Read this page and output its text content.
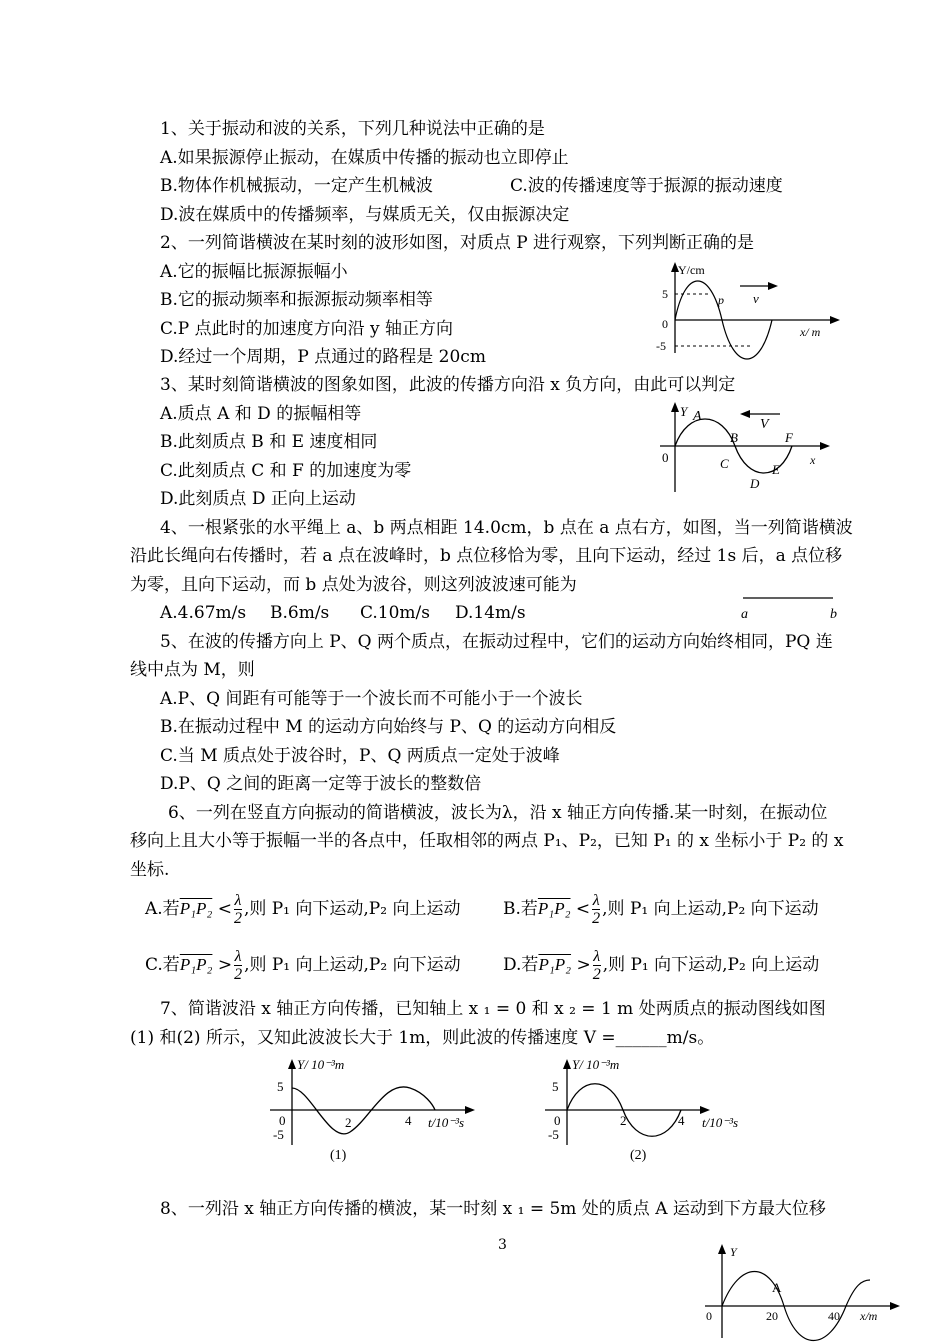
1、关于振动和波的关系，下列几种说法中正确的是
A.如果振源停止振动，在媒质中传播的振动也立即停止
B.物体作机械振动，一定产生机械波	C.波的传播速度等于振源的振动速度
D.波在媒质中的传播频率，与媒质无关，仅由振源决定
2、一列简谐横波在某时刻的波形如图，对质点 P 进行观察，下列判断正确的是
A.它的振幅比振源振幅小
B.它的振动频率和振源振动频率相等
C.P 点此时的加速度方向沿 y 轴正方向
D.经过一个周期，P 点通过的路程是 20cm
Y/cm
5
-5
0
p v
x/ m
3、某时刻简谐横波的图象如图，此波的传播方向沿 x 负方向，由此可以判定
A.质点 A 和 D 的振幅相等
B.此刻质点 B 和 E 速度相同
C.此刻质点 C 和 F 的加速度为零
D.此刻质点 D 正向上运动
Y A
V
B	F
0	C	E
D
x
4、一根紧张的水平绳上 a、b 两点相距 14.0cm，b 点在 a 点右方，如图，当一列简谐横波
沿此长绳向右传播时，若 a 点在波峰时，b 点位移恰为零，且向下运动，经过 1s 后，a 点位移
为零，且向下运动，而 b 点处为波谷，则这列波波速可能为
A.4.67m/s B.6m/s C.10m/s D.14m/s	a	b
5、在波的传播方向上 P、Q 两个质点，在振动过程中，它们的运动方向始终相同，PQ 连
线中点为 M，则
A.P、Q 间距有可能等于一个波长而不可能小于一个波长
B.在振动过程中 M 的运动方向始终与 P、Q 的运动方向相反
C.当 M 质点处于波谷时，P、Q 两质点一定处于波峰
D.P、Q 之间的距离一定等于波长的整数倍
6、一列在竖直方向振动的简谐横波，波长为λ，沿 x 轴正方向传播.某一时刻，在振动位
移向上且大小等于振幅一半的各点中，任取相邻的两点 P₁、P₂，已知 P₁ 的 x 坐标小于 P₂ 的 x
坐标.
A.若$P_1P_2 < \frac{\lambda}{2}$ ,则 P₁ 向下运动,P₂ 向上运动	B.若$P_1P_2 < \frac{\lambda}{2}$ ,则 P₁ 向上运动,P₂ 向下运动
C.若$P_1P_2 > \frac{\lambda}{2}$ ,则 P₁ 向上运动,P₂ 向下运动 D.若$P_1P_2 > \frac{\lambda}{2}$ ,则 P₁ 向下运动,P₂ 向上运动
7、简谐波沿 x 轴正方向传播，已知轴上 x ₁ = 0 和 x ₂ = 1 m 处两质点的振动图线如图
(1) 和(2) 所示，又知此波波长大于 1m，则此波的传播速度 V =______m/s。
Y/ 10⁻³m
5
0
-5
2	4 t/10⁻³s
(1)
Y/ 10⁻³m
5
0
-5
2	4 t/10⁻³s
(2)
8、一列沿 x 轴正方向传播的横波，某一时刻 x ₁ = 5m 处的质点 A 运动到下方最大位移
3	Y
A
0	20	40 x/m
